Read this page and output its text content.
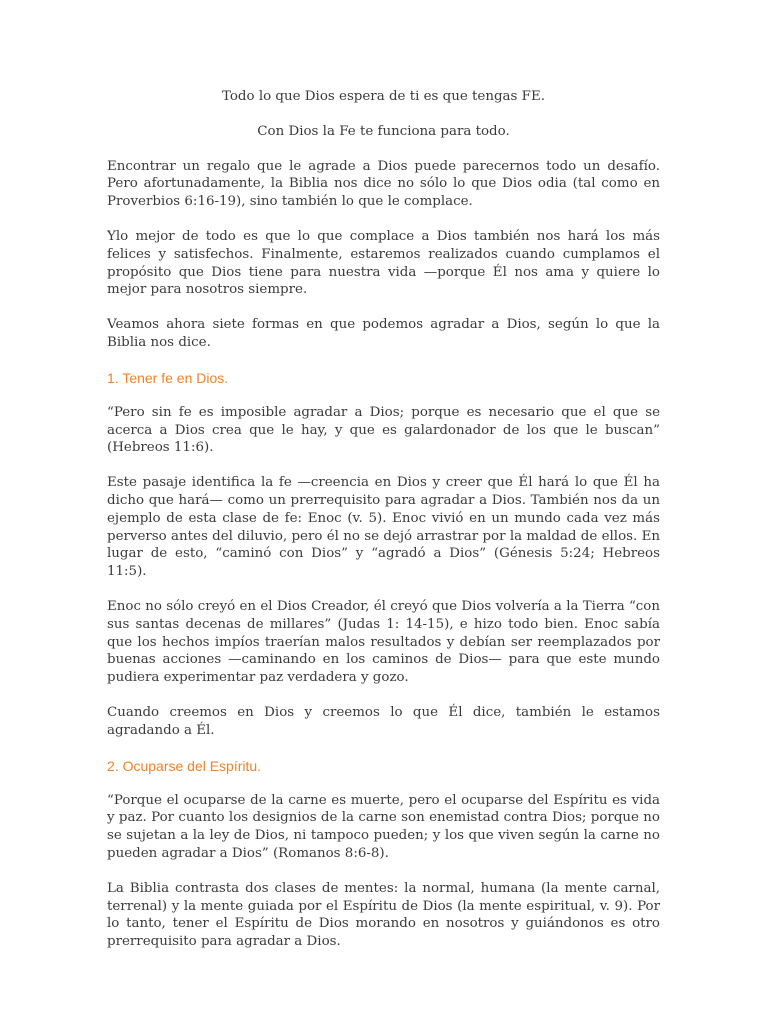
Todo lo que Dios espera de ti es que tengas FE.

Con Dios la Fe te funciona para todo.

Encontrar un regalo que le agrade a Dios puede parecernos todo un desafío. Pero afortunadamente, la Biblia nos dice no sólo lo que Dios odia (tal como en Proverbios 6:16-19), sino también lo que le complace.

Ylo mejor de todo es que lo que complace a Dios también nos hará los más felices y satisfechos. Finalmente, estaremos realizados cuando cumplamos el propósito que Dios tiene para nuestra vida —porque Él nos ama y quiere lo mejor para nosotros siempre.

Veamos ahora siete formas en que podemos agradar a Dios, según lo que la Biblia nos dice.

1. Tener fe en Dios.

“Pero sin fe es imposible agradar a Dios; porque es necesario que el que se acerca a Dios crea que le hay, y que es galardonador de los que le buscan” (Hebreos 11:6).

Este pasaje identifica la fe —creencia en Dios y creer que Él hará lo que Él ha dicho que hará— como un prerrequisito para agradar a Dios. También nos da un ejemplo de esta clase de fe: Enoc (v. 5). Enoc vivió en un mundo cada vez más perverso antes del diluvio, pero él no se dejó arrastrar por la maldad de ellos. En lugar de esto, “caminó con Dios” y “agradó a Dios” (Génesis 5:24; Hebreos 11:5).

Enoc no sólo creyó en el Dios Creador, él creyó que Dios volvería a la Tierra “con sus santas decenas de millares” (Judas 1: 14-15), e hizo todo bien. Enoc sabía que los hechos impíos traerían malos resultados y debían ser reemplazados por buenas acciones —caminando en los caminos de Dios— para que este mundo pudiera experimentar paz verdadera y gozo.

Cuando creemos en Dios y creemos lo que Él dice, también le estamos agradando a Él.

2. Ocuparse del Espíritu.

“Porque el ocuparse de la carne es muerte, pero el ocuparse del Espíritu es vida y paz. Por cuanto los designios de la carne son enemistad contra Dios; porque no se sujetan a la ley de Dios, ni tampoco pueden; y los que viven según la carne no pueden agradar a Dios” (Romanos 8:6-8).

La Biblia contrasta dos clases de mentes: la normal, humana (la mente carnal, terrenal) y la mente guiada por el Espíritu de Dios (la mente espiritual, v. 9). Por lo tanto, tener el Espíritu de Dios morando en nosotros y guiándonos es otro prerrequisito para agradar a Dios.
